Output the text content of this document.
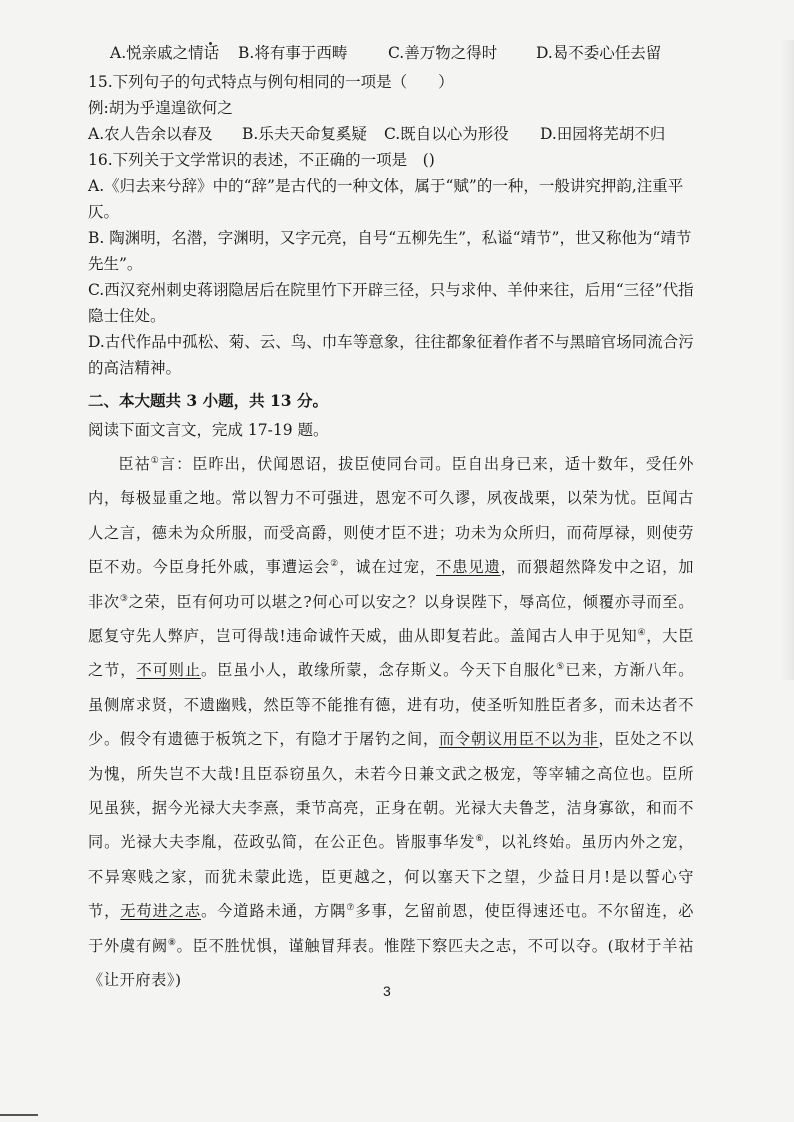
A.悦亲戚之情话	B.将有事于西畴	C.善万物之得时	D.曷不委心任去留
15.下列句子的句式特点与例句相同的一项是（　　）
例:胡为乎遑遑欲何之
A.农人告余以春及	B.乐夫天命复奚疑	C.既自以心为形役	D.田园将芜胡不归
16.下列关于文学常识的表述，不正确的一项是　()
A.《归去来兮辞》中的“辞”是古代的一种文体，属于“赋”的一种，一般讲究押韵,注重平仄。
B. 陶渊明，名潜，字渊明，又字元亮，自号“五柳先生”，私谥“靖节”，世又称他为“靖节先生”。
C.西汉兖州刺史蒋诩隐居后在院里竹下开辟三径，只与求仲、羊仲来往，后用“三径”代指隐士住处。
D.古代作品中孤松、菊、云、鸟、巾车等意象，往往都象征着作者不与黑暗官场同流合污的高洁精神。
二、本大题共 3 小题，共 13 分。
阅读下面文言文，完成 17-19 题。
臣祜①言：臣昨出，伏闻恩诏，拔臣使同台司。臣自出身已来，适十数年，受任外内，每极显重之地。常以智力不可强进，恩宠不可久谬，夙夜战栗，以荣为忧。臣闻古人之言，德未为众所服，而受高爵，则使才臣不进；功未为众所归，而荷厚禄，则使劳臣不劝。今臣身托外戚，事遭运会②，诚在过宠，不患见遗，而猥超然降发中之诏，加非次③之荣，臣有何功可以堪之?何心可以安之？以身误陛下，辱高位，倾覆亦寻而至。愿复守先人弊庐，岂可得哉!违命诚忤天威，曲从即复若此。盖闻古人申于见知④，大臣之节，不可则止。臣虽小人，敢缘所蒙，念存斯义。今天下自服化⑤已来，方渐八年。虽侧席求贤，不遗幽贱，然臣等不能推有德，进有功，使圣听知胜臣者多，而未达者不少。假令有遗德于板筑之下，有隐才于屠钓之间，而令朝议用臣不以为非，臣处之不以为愧，所失岂不大哉!且臣忝窃虽久，未若今日兼文武之极宠，等宰辅之高位也。臣所见虽狭，据今光禄大夫李熹，秉节高亮，正身在朝。光禄大夫鲁芝，洁身寡欲，和而不同。光禄大夫李胤，莅政弘简，在公正色。皆服事华发⑥，以礼终始。虽历内外之宠，不异寒贱之家，而犹未蒙此选，臣更越之，何以塞天下之望，少益日月!是以誓心守节，无苟进之志。今道路未通，方隅⑦多事，乞留前恩，使臣得速还屯。不尔留连，必于外虞有阙⑧。臣不胜忧惧，谨触冒拜表。惟陛下察匹夫之志，不可以夺。(取材于羊祜《让开府表》)
3
